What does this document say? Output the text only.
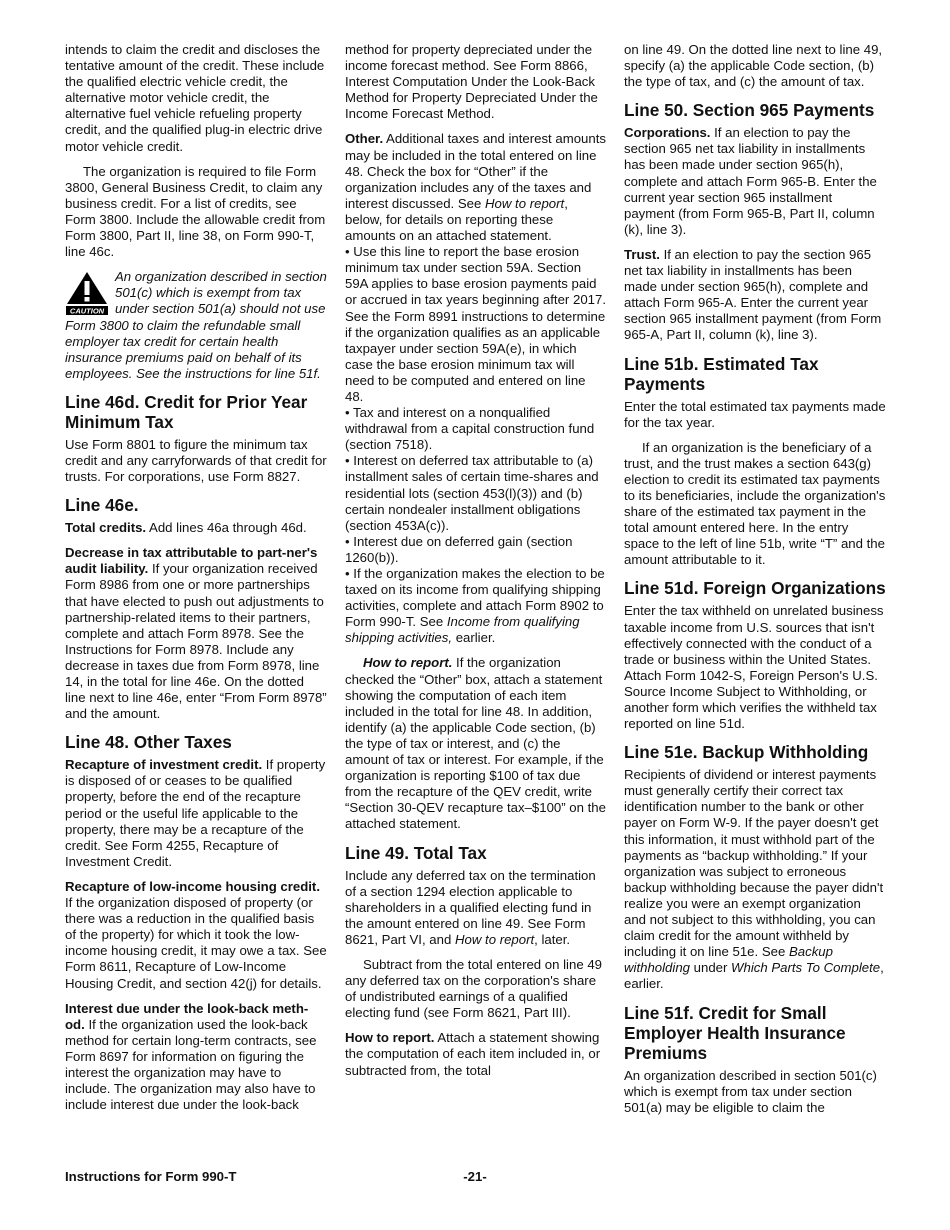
intends to claim the credit and discloses the tentative amount of the credit. These include the qualified electric vehicle credit, the alternative motor vehicle credit, the alternative fuel vehicle refueling property credit, and the qualified plug-in electric drive motor vehicle credit.

The organization is required to file Form 3800, General Business Credit, to claim any business credit. For a list of credits, see Form 3800. Include the allowable credit from Form 3800, Part II, line 38, on Form 990-T, line 46c.

CAUTION
An organization described in section 501(c) which is exempt from tax under section 501(a) should not use Form 3800 to claim the refundable small employer tax credit for certain health insurance premiums paid on behalf of its employees. See the instructions for line 51f.
Line 46d. Credit for Prior Year Minimum Tax

Use Form 8801 to figure the minimum tax credit and any carryforwards of that credit for trusts. For corporations, use Form 8827.

Line 46e.

Total credits. Add lines 46a through 46d.

Decrease in tax attributable to part-ner's audit liability. If your organization received Form 8986 from one or more partnerships that have elected to push out adjustments to partnership-related items to their partners, complete and attach Form 8978. See the Instructions for Form 8978. Include any decrease in taxes due from Form 8978, line 14, in the total for line 46e. On the dotted line next to line 46e, enter “From Form 8978” and the amount.

Line 48. Other Taxes

Recapture of investment credit. If property is disposed of or ceases to be qualified property, before the end of the recapture period or the useful life applicable to the property, there may be a recapture of the credit. See Form 4255, Recapture of Investment Credit.

Recapture of low-income housing credit. If the organization disposed of property (or there was a reduction in the qualified basis of the property) for which it took the low-income housing credit, it may owe a tax. See Form 8611, Recapture of Low-Income Housing Credit, and section 42(j) for details.

Interest due under the look-back meth-od. If the organization used the look-back method for certain long-term contracts, see Form 8697 for information on figuring the interest the organization may have to include. The organization may also have to include interest due under the look-back

method for property depreciated under the income forecast method. See Form 8866, Interest Computation Under the Look-Back Method for Property Depreciated Under the Income Forecast Method.

Other. Additional taxes and interest amounts may be included in the total entered on line 48. Check the box for “Other” if the organization includes any of the taxes and interest discussed. See How to report, below, for details on reporting these amounts on an attached statement.

• Use this line to report the base erosion minimum tax under section 59A. Section 59A applies to base erosion payments paid or accrued in tax years beginning after 2017. See the Form 8991 instructions to determine if the organization qualifies as an applicable taxpayer under section 59A(e), in which case the base erosion minimum tax will need to be computed and entered on line 48.

• Tax and interest on a nonqualified withdrawal from a capital construction fund (section 7518).

• Interest on deferred tax attributable to (a) installment sales of certain time-shares and residential lots (section 453(l)(3)) and (b) certain nondealer installment obligations (section 453A(c)).

• Interest due on deferred gain (section 1260(b)).

• If the organization makes the election to be taxed on its income from qualifying shipping activities, complete and attach Form 8902 to Form 990-T. See Income from qualifying shipping activities, earlier.

How to report. If the organization checked the “Other” box, attach a statement showing the computation of each item included in the total for line 48. In addition, identify (a) the applicable Code section, (b) the type of tax or interest, and (c) the amount of tax or interest. For example, if the organization is reporting $100 of tax due from the recapture of the QEV credit, write “Section 30-QEV recapture tax–$100” on the attached statement.

Line 49. Total Tax

Include any deferred tax on the termination of a section 1294 election applicable to shareholders in a qualified electing fund in the amount entered on line 49. See Form 8621, Part VI, and How to report, later.

Subtract from the total entered on line 49 any deferred tax on the corporation's share of undistributed earnings of a qualified electing fund (see Form 8621, Part III).

How to report. Attach a statement showing the computation of each item included in, or subtracted from, the total

on line 49. On the dotted line next to line 49, specify (a) the applicable Code section, (b) the type of tax, and (c) the amount of tax.

Line 50. Section 965 Payments

Corporations. If an election to pay the section 965 net tax liability in installments has been made under section 965(h), complete and attach Form 965-B. Enter the current year section 965 installment payment (from Form 965-B, Part II, column (k), line 3).

Trust. If an election to pay the section 965 net tax liability in installments has been made under section 965(h), complete and attach Form 965-A. Enter the current year section 965 installment payment (from Form 965-A, Part II, column (k), line 3).

Line 51b. Estimated Tax Payments

Enter the total estimated tax payments made for the tax year.

If an organization is the beneficiary of a trust, and the trust makes a section 643(g) election to credit its estimated tax payments to its beneficiaries, include the organization's share of the estimated tax payment in the total amount entered here. In the entry space to the left of line 51b, write “T” and the amount attributable to it.

Line 51d. Foreign Organizations

Enter the tax withheld on unrelated business taxable income from U.S. sources that isn't effectively connected with the conduct of a trade or business within the United States. Attach Form 1042-S, Foreign Person's U.S. Source Income Subject to Withholding, or another form which verifies the withheld tax reported on line 51d.

Line 51e. Backup Withholding

Recipients of dividend or interest payments must generally certify their correct tax identification number to the bank or other payer on Form W-9. If the payer doesn't get this information, it must withhold part of the payments as “backup withholding.” If your organization was subject to erroneous backup withholding because the payer didn't realize you were an exempt organization and not subject to this withholding, you can claim credit for the amount withheld by including it on line 51e. See Backup withholding under Which Parts To Complete, earlier.

Line 51f. Credit for Small Employer Health Insurance Premiums

An organization described in section 501(c) which is exempt from tax under section 501(a) may be eligible to claim the

Instructions for Form 990-T	-21-
